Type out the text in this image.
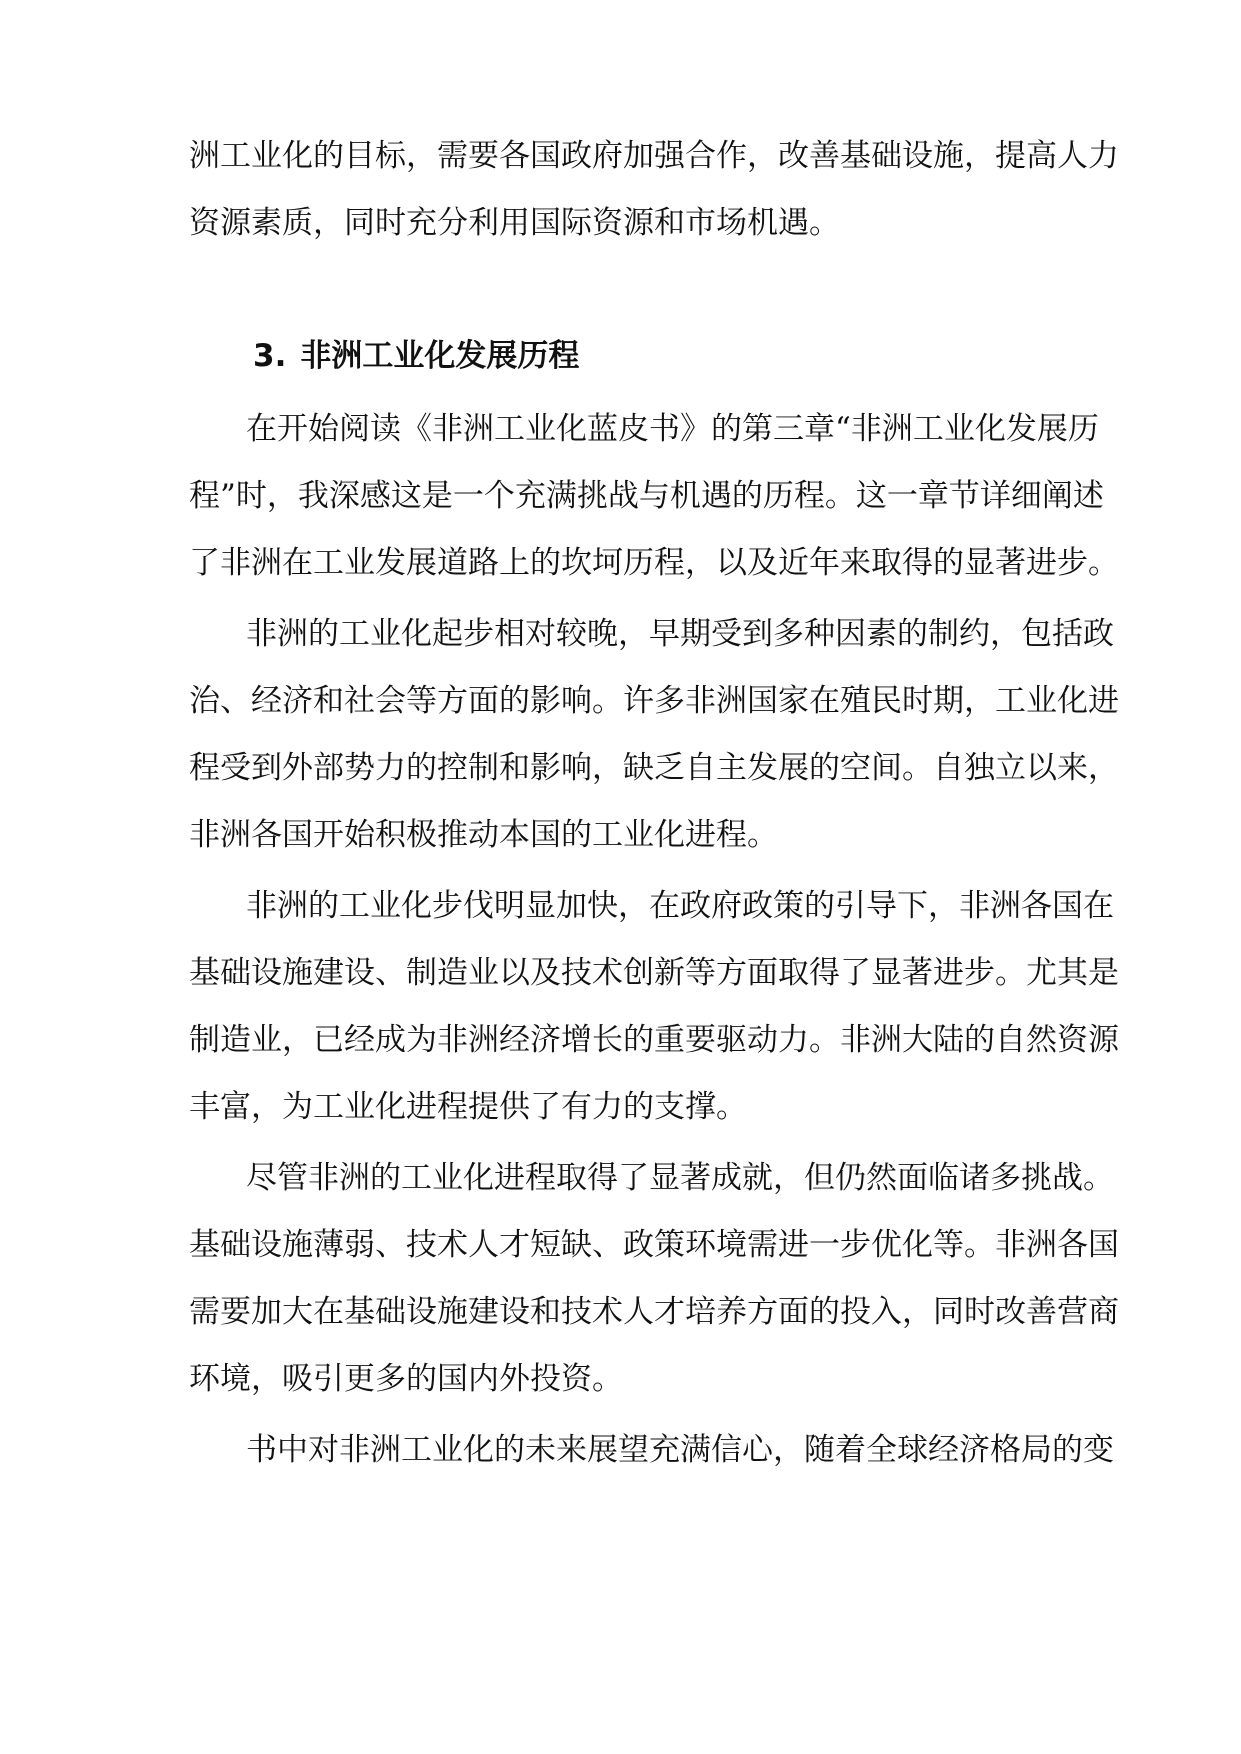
洲工业化的目标，需要各国政府加强合作，改善基础设施，提高人力
资源素质，同时充分利用国际资源和市场机遇。
3. 非洲工业化发展历程
在开始阅读《非洲工业化蓝皮书》的第三章“非洲工业化发展历
程”时，我深感这是一个充满挑战与机遇的历程。这一章节详细阐述
了非洲在工业发展道路上的坎坷历程，以及近年来取得的显著进步。
非洲的工业化起步相对较晚，早期受到多种因素的制约，包括政
治、经济和社会等方面的影响。许多非洲国家在殖民时期，工业化进
程受到外部势力的控制和影响，缺乏自主发展的空间。自独立以来，
非洲各国开始积极推动本国的工业化进程。
非洲的工业化步伐明显加快，在政府政策的引导下，非洲各国在
基础设施建设、制造业以及技术创新等方面取得了显著进步。尤其是
制造业，已经成为非洲经济增长的重要驱动力。非洲大陆的自然资源
丰富，为工业化进程提供了有力的支撑。
尽管非洲的工业化进程取得了显著成就，但仍然面临诸多挑战。
基础设施薄弱、技术人才短缺、政策环境需进一步优化等。非洲各国
需要加大在基础设施建设和技术人才培养方面的投入，同时改善营商
环境，吸引更多的国内外投资。
书中对非洲工业化的未来展望充满信心，随着全球经济格局的变
